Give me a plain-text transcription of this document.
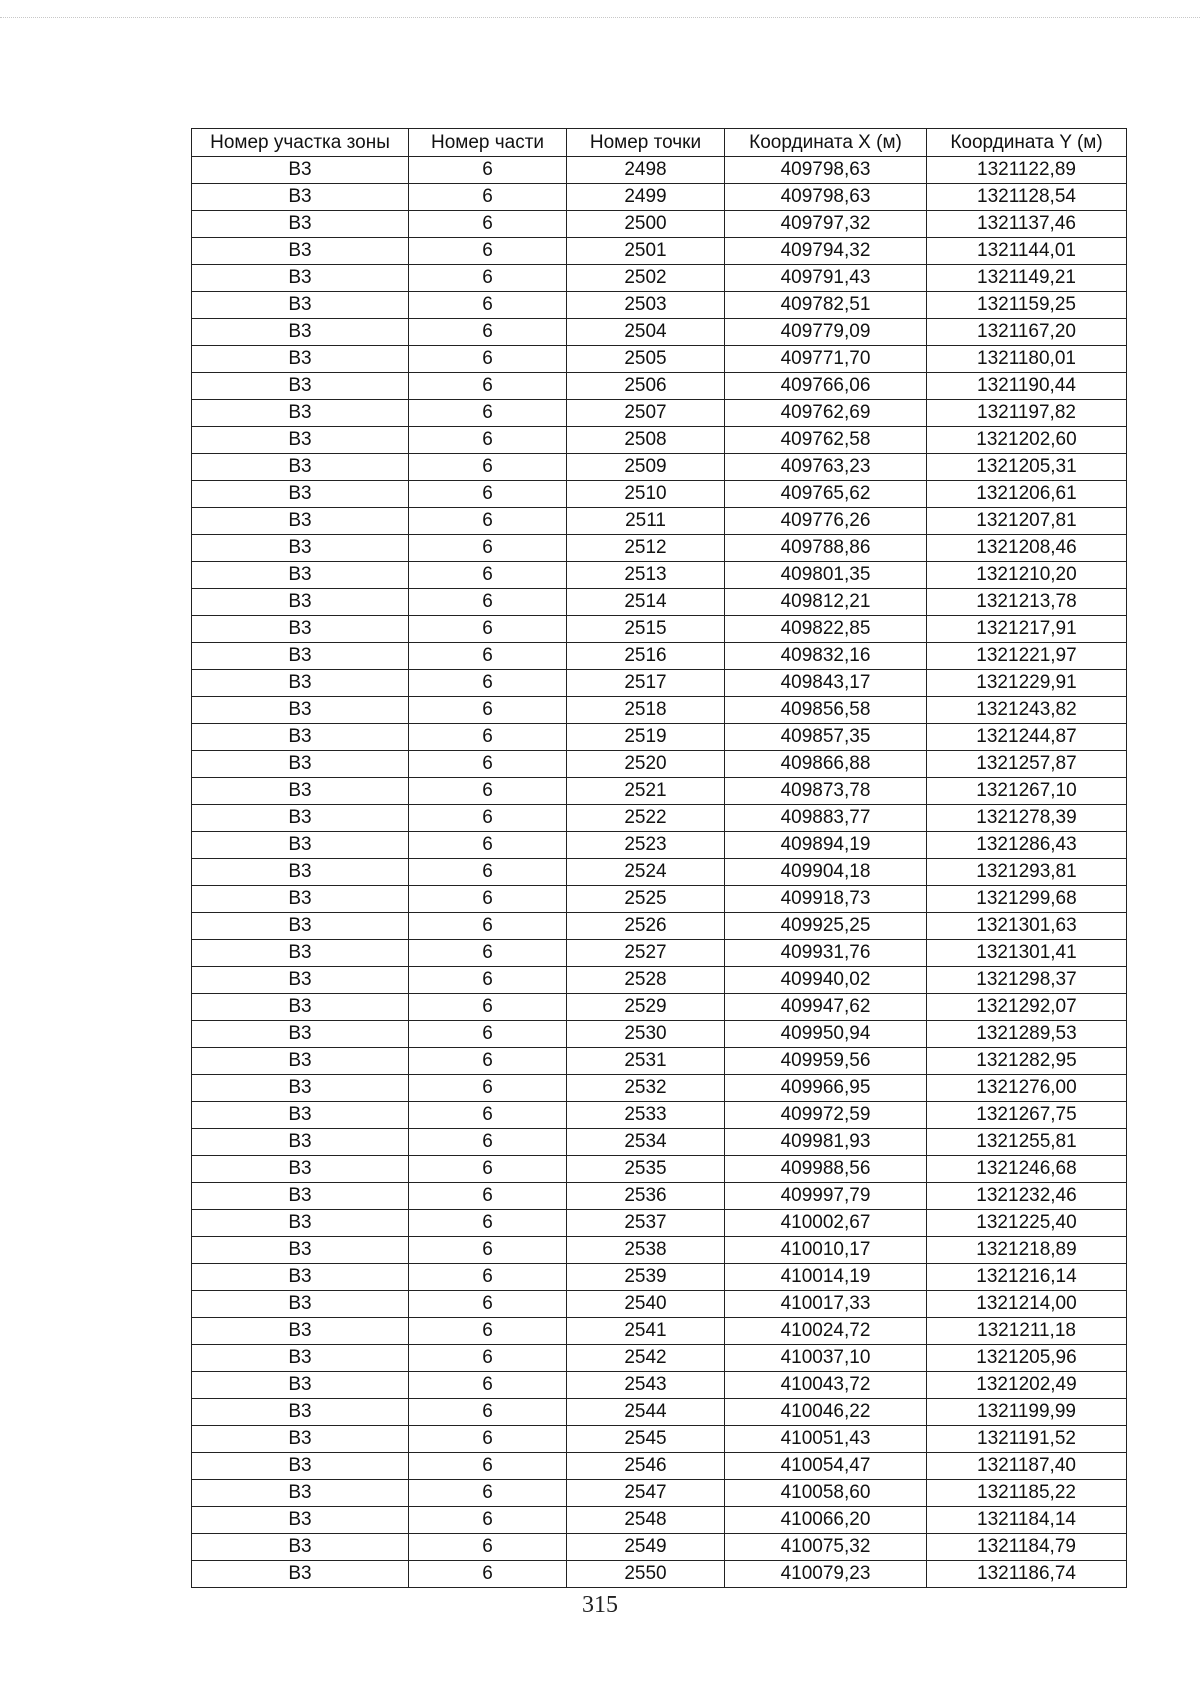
Номер участка зоны	Номер части	Номер точки	Координата X (м)	Координата Y (м)
В3	6	2498	409798,63	1321122,89
В3	6	2499	409798,63	1321128,54
В3	6	2500	409797,32	1321137,46
В3	6	2501	409794,32	1321144,01
В3	6	2502	409791,43	1321149,21
В3	6	2503	409782,51	1321159,25
В3	6	2504	409779,09	1321167,20
В3	6	2505	409771,70	1321180,01
В3	6	2506	409766,06	1321190,44
В3	6	2507	409762,69	1321197,82
В3	6	2508	409762,58	1321202,60
В3	6	2509	409763,23	1321205,31
В3	6	2510	409765,62	1321206,61
В3	6	2511	409776,26	1321207,81
В3	6	2512	409788,86	1321208,46
В3	6	2513	409801,35	1321210,20
В3	6	2514	409812,21	1321213,78
В3	6	2515	409822,85	1321217,91
В3	6	2516	409832,16	1321221,97
В3	6	2517	409843,17	1321229,91
В3	6	2518	409856,58	1321243,82
В3	6	2519	409857,35	1321244,87
В3	6	2520	409866,88	1321257,87
В3	6	2521	409873,78	1321267,10
В3	6	2522	409883,77	1321278,39
В3	6	2523	409894,19	1321286,43
В3	6	2524	409904,18	1321293,81
В3	6	2525	409918,73	1321299,68
В3	6	2526	409925,25	1321301,63
В3	6	2527	409931,76	1321301,41
В3	6	2528	409940,02	1321298,37
В3	6	2529	409947,62	1321292,07
В3	6	2530	409950,94	1321289,53
В3	6	2531	409959,56	1321282,95
В3	6	2532	409966,95	1321276,00
В3	6	2533	409972,59	1321267,75
В3	6	2534	409981,93	1321255,81
В3	6	2535	409988,56	1321246,68
В3	6	2536	409997,79	1321232,46
В3	6	2537	410002,67	1321225,40
В3	6	2538	410010,17	1321218,89
В3	6	2539	410014,19	1321216,14
В3	6	2540	410017,33	1321214,00
В3	6	2541	410024,72	1321211,18
В3	6	2542	410037,10	1321205,96
В3	6	2543	410043,72	1321202,49
В3	6	2544	410046,22	1321199,99
В3	6	2545	410051,43	1321191,52
В3	6	2546	410054,47	1321187,40
В3	6	2547	410058,60	1321185,22
В3	6	2548	410066,20	1321184,14
В3	6	2549	410075,32	1321184,79
В3	6	2550	410079,23	1321186,74
315
